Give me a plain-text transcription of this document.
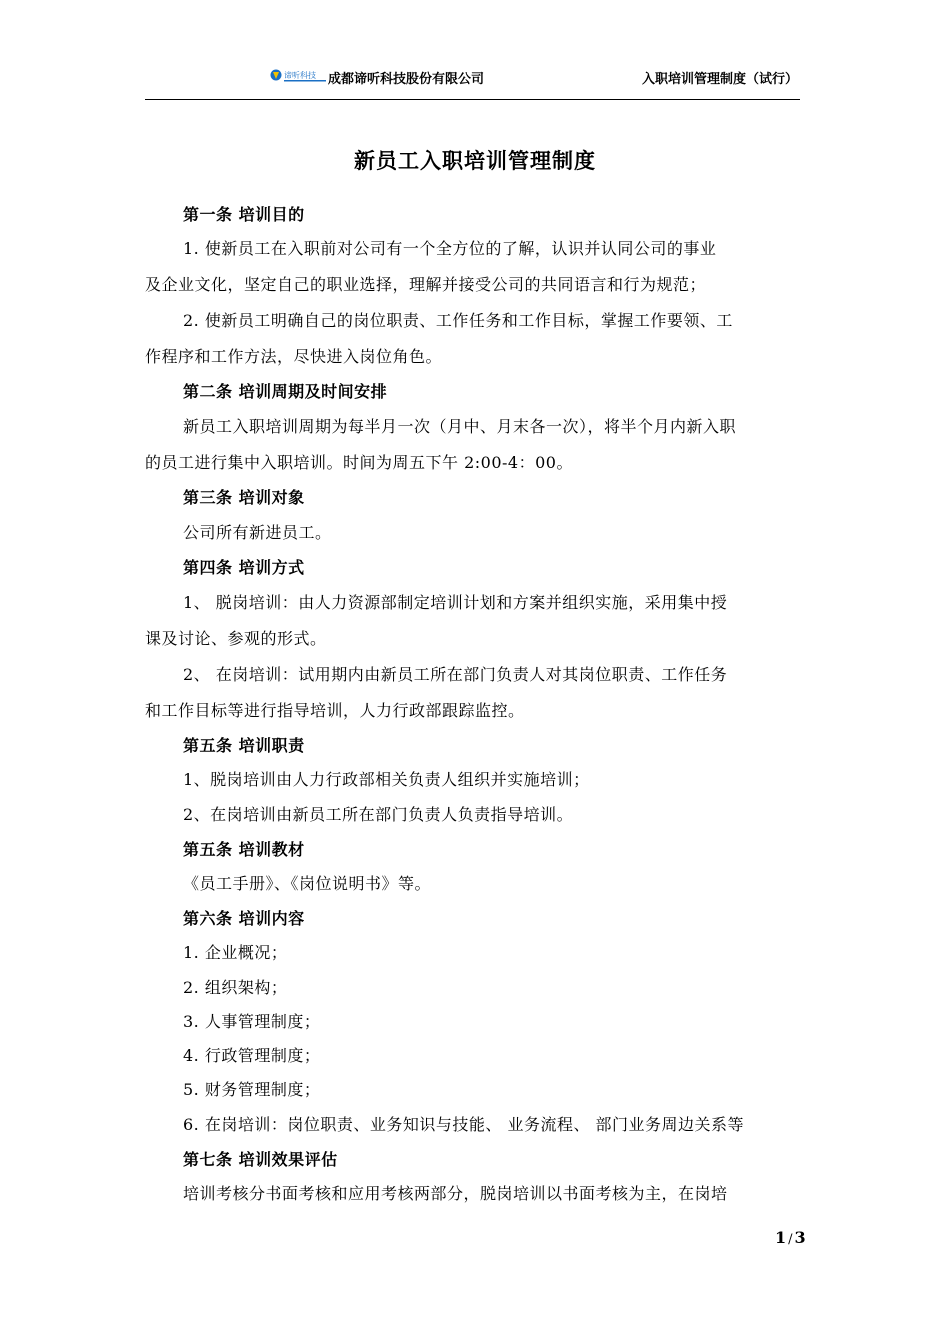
谛听科技 成都谛听科技股份有限公司	入职培训管理制度（试行）
新员工入职培训管理制度
第一条 培训目的
1. 使新员工在入职前对公司有一个全方位的了解，认识并认同公司的事业
及企业文化，坚定自己的职业选择，理解并接受公司的共同语言和行为规范；
2. 使新员工明确自己的岗位职责、工作任务和工作目标，掌握工作要领、工
作程序和工作方法，尽快进入岗位角色。
第二条 培训周期及时间安排
新员工入职培训周期为每半月一次（月中、月末各一次），将半个月内新入职
的员工进行集中入职培训。时间为周五下午 2:00-4：00。
第三条 培训对象
公司所有新进员工。
第四条 培训方式
1、 脱岗培训：由人力资源部制定培训计划和方案并组织实施，采用集中授
课及讨论、参观的形式。
2、 在岗培训：试用期内由新员工所在部门负责人对其岗位职责、工作任务
和工作目标等进行指导培训，人力行政部跟踪监控。
第五条 培训职责
1、脱岗培训由人力行政部相关负责人组织并实施培训；
2、在岗培训由新员工所在部门负责人负责指导培训。
第五条 培训教材
《员工手册》、《岗位说明书》等。
第六条 培训内容
1. 企业概况；
2. 组织架构；
3. 人事管理制度；
4. 行政管理制度；
5. 财务管理制度；
6. 在岗培训：岗位职责、业务知识与技能、 业务流程、 部门业务周边关系等
第七条 培训效果评估
培训考核分书面考核和应用考核两部分，脱岗培训以书面考核为主，在岗培
1 / 3
